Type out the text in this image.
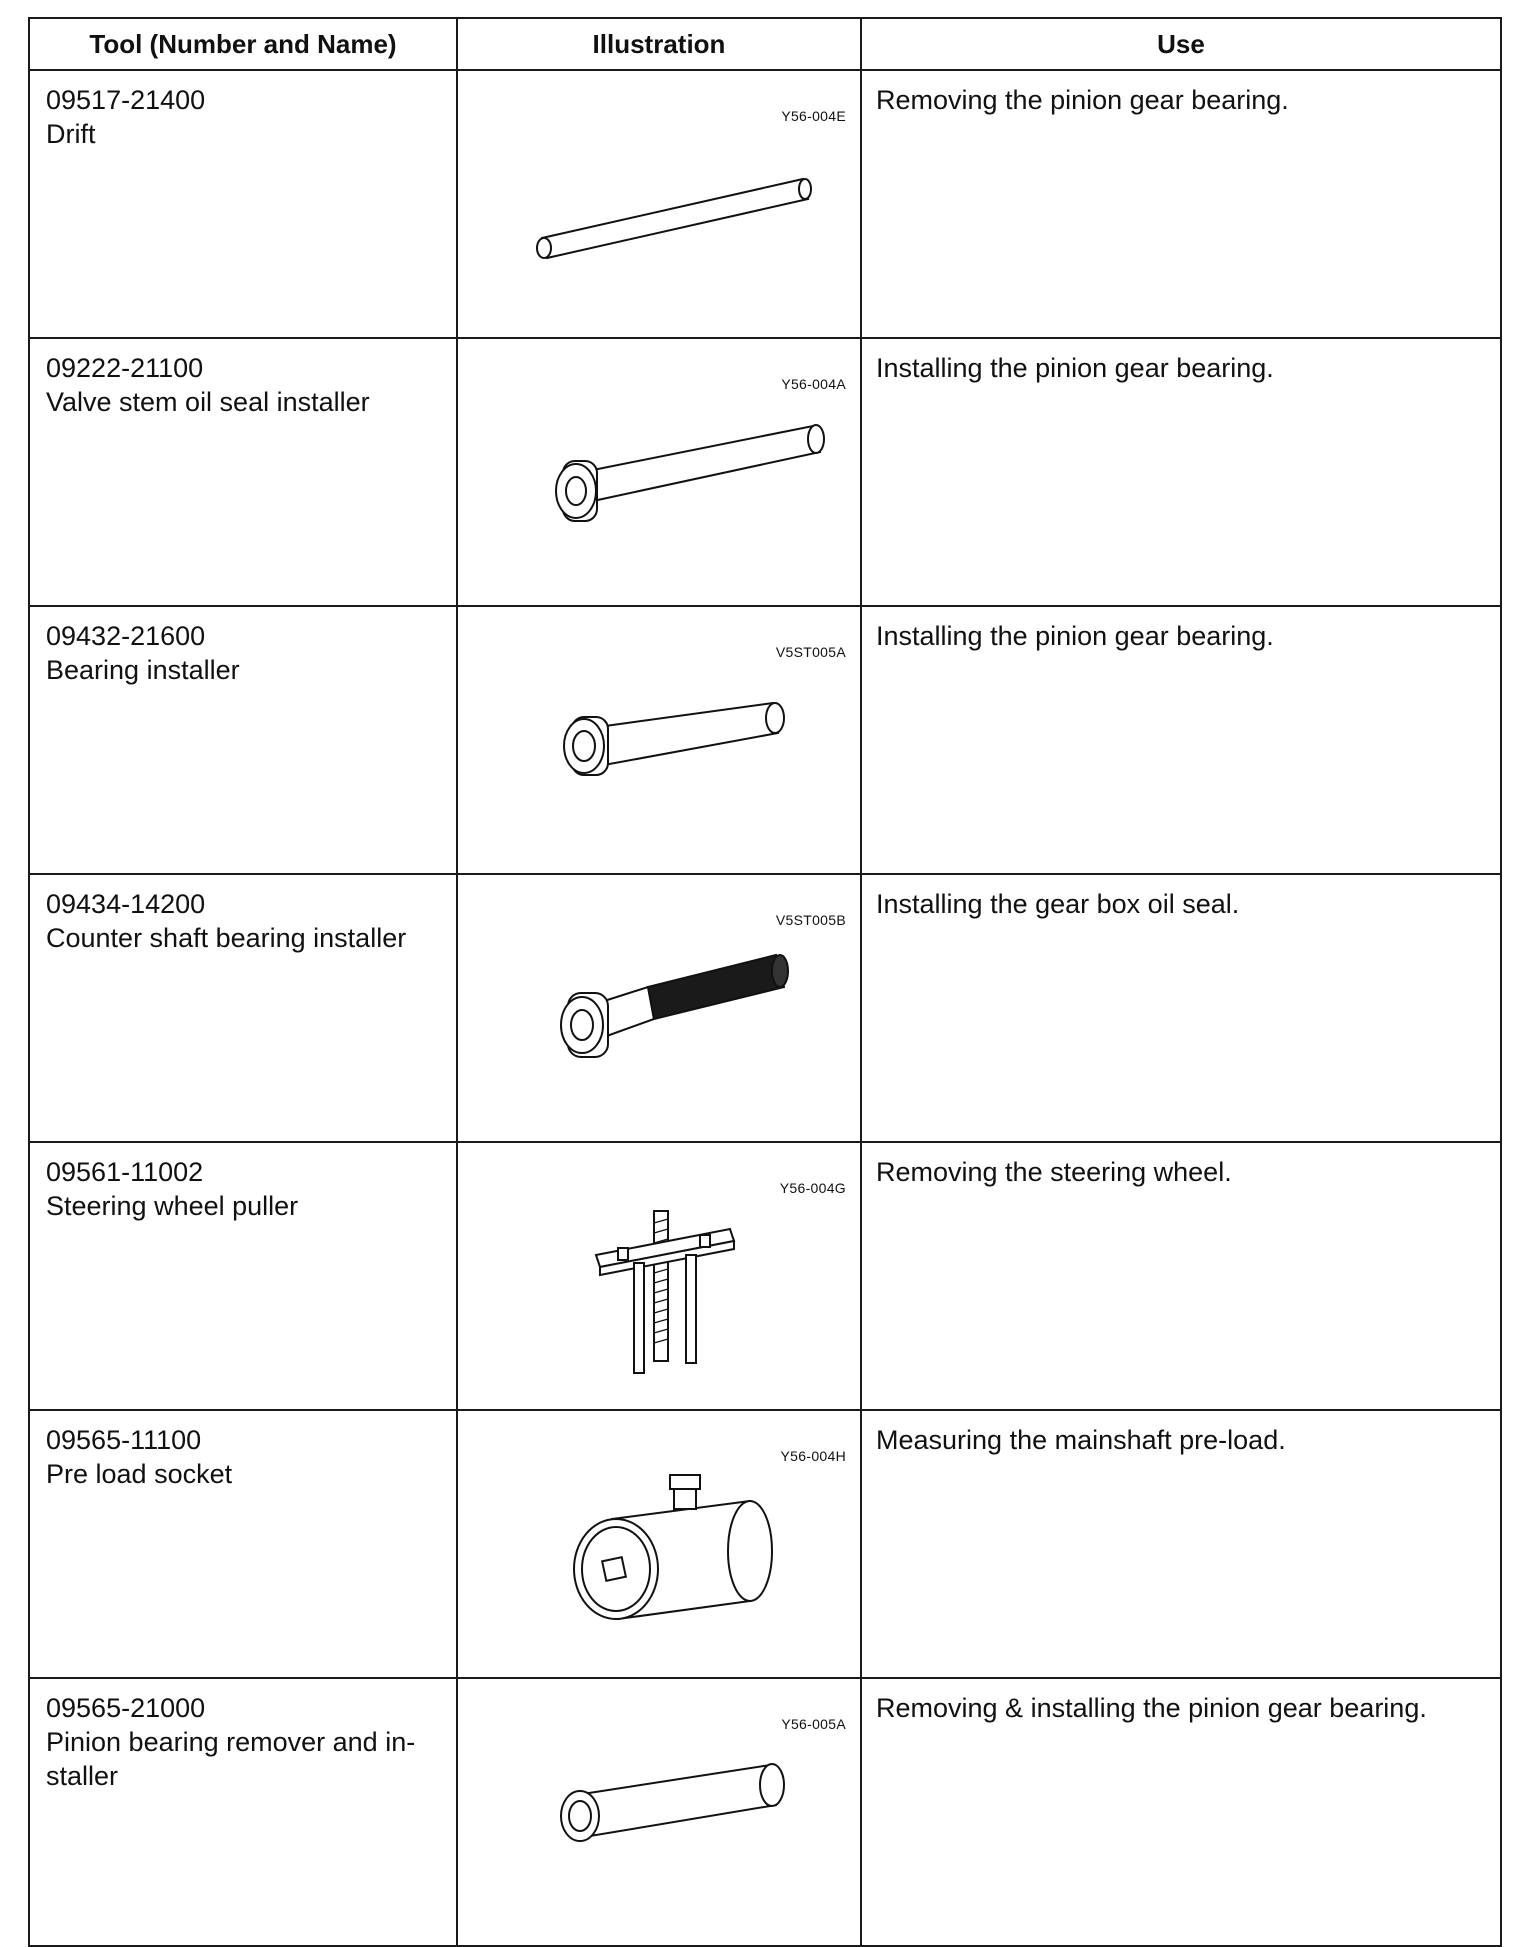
Tool (Number and Name)	Illustration	Use

09517-21400
Drift	Y56-004E	Removing the pinion gear bearing.

09222-21100
Valve stem oil seal installer	Y56-004A	Installing the pinion gear bearing.

09432-21600
Bearing installer	V5ST005A	Installing the pinion gear bearing.

09434-14200
Counter shaft bearing installer	V5ST005B	Installing the gear box oil seal.

09561-11002
Steering wheel puller	Y56-004G	Removing the steering wheel.

09565-11100
Pre load socket	Y56-004H	Measuring the mainshaft pre-load.

09565-21000
Pinion bearing remover and in-staller	Y56-005A	Removing & installing the pinion gear bearing.
